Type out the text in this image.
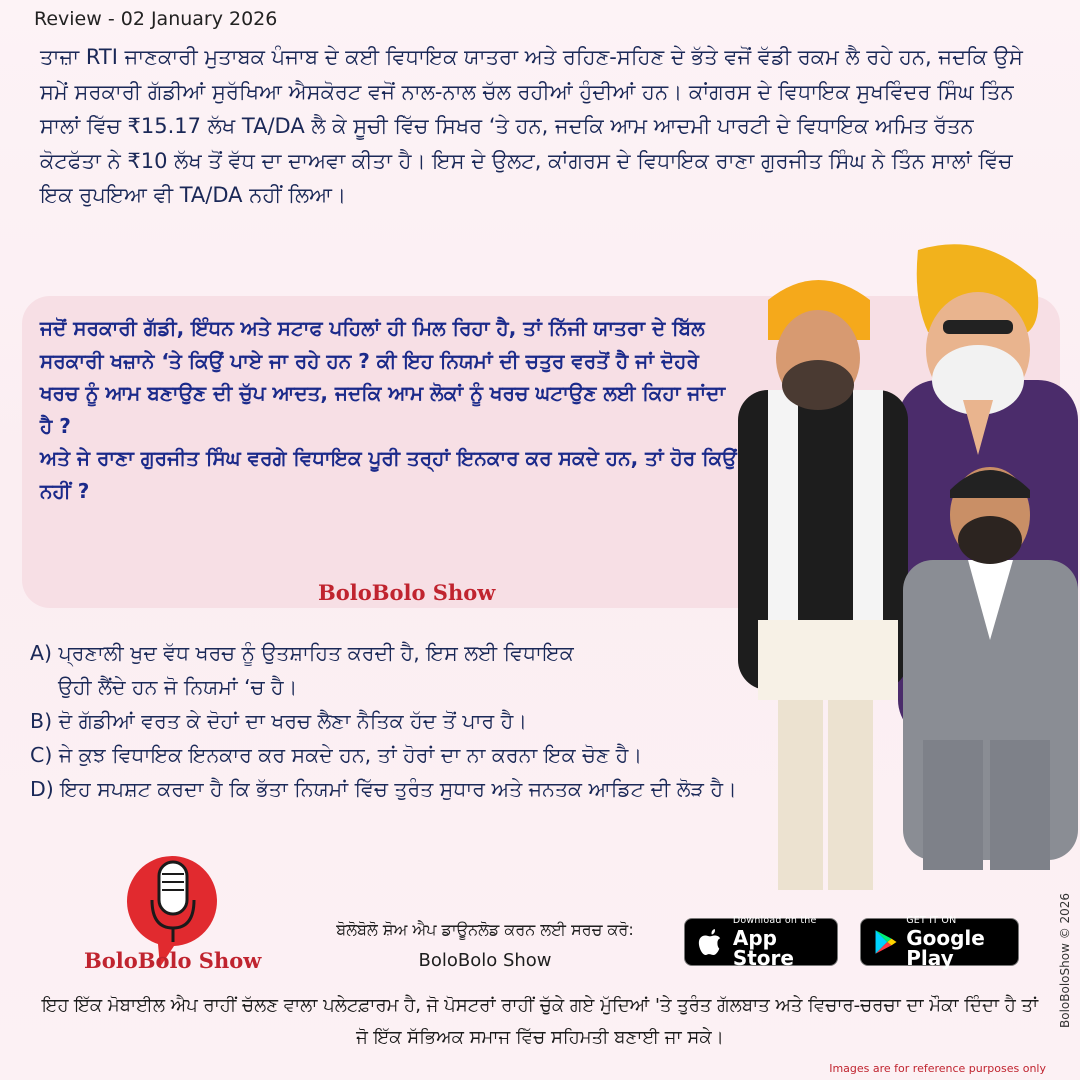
Review - 02 January 2026

ਤਾਜ਼ਾ RTI ਜਾਣਕਾਰੀ ਮੁਤਾਬਕ ਪੰਜਾਬ ਦੇ ਕਈ ਵਿਧਾਇਕ ਯਾਤਰਾ ਅਤੇ ਰਹਿਣ-ਸਹਿਣ ਦੇ ਭੱਤੇ ਵਜੋਂ ਵੱਡੀ ਰਕਮ ਲੈ ਰਹੇ ਹਨ, ਜਦਕਿ ਉਸੇ ਸਮੇਂ ਸਰਕਾਰੀ ਗੱਡੀਆਂ ਸੁਰੱਖਿਆ ਐਸਕੋਰਟ ਵਜੋਂ ਨਾਲ-ਨਾਲ ਚੱਲ ਰਹੀਆਂ ਹੁੰਦੀਆਂ ਹਨ। ਕਾਂਗਰਸ ਦੇ ਵਿਧਾਇਕ ਸੁਖਵਿੰਦਰ ਸਿੰਘ ਤਿੰਨ ਸਾਲਾਂ ਵਿੱਚ ₹15.17 ਲੱਖ TA/DA ਲੈ ਕੇ ਸੂਚੀ ਵਿੱਚ ਸਿਖਰ ‘ਤੇ ਹਨ, ਜਦਕਿ ਆਮ ਆਦਮੀ ਪਾਰਟੀ ਦੇ ਵਿਧਾਇਕ ਅਮਿਤ ਰੱਤਨ ਕੋਟਫੱਤਾ ਨੇ ₹10 ਲੱਖ ਤੋਂ ਵੱਧ ਦਾ ਦਾਅਵਾ ਕੀਤਾ ਹੈ। ਇਸ ਦੇ ਉਲਟ, ਕਾਂਗਰਸ ਦੇ ਵਿਧਾਇਕ ਰਾਣਾ ਗੁਰਜੀਤ ਸਿੰਘ ਨੇ ਤਿੰਨ ਸਾਲਾਂ ਵਿੱਚ ਇਕ ਰੁਪਇਆ ਵੀ TA/DA ਨਹੀਂ ਲਿਆ।

ਜਦੋਂ ਸਰਕਾਰੀ ਗੱਡੀ, ਇੰਧਨ ਅਤੇ ਸਟਾਫ ਪਹਿਲਾਂ ਹੀ ਮਿਲ ਰਿਹਾ ਹੈ, ਤਾਂ ਨਿੱਜੀ ਯਾਤਰਾ ਦੇ ਬਿੱਲ ਸਰਕਾਰੀ ਖਜ਼ਾਨੇ ‘ਤੇ ਕਿਉਂ ਪਾਏ ਜਾ ਰਹੇ ਹਨ ? ਕੀ ਇਹ ਨਿਯਮਾਂ ਦੀ ਚਤੁਰ ਵਰਤੋਂ ਹੈ ਜਾਂ ਦੋਹਰੇ ਖਰਚ ਨੂੰ ਆਮ ਬਣਾਉਣ ਦੀ ਚੁੱਪ ਆਦਤ, ਜਦਕਿ ਆਮ ਲੋਕਾਂ ਨੂੰ ਖਰਚ ਘਟਾਉਣ ਲਈ ਕਿਹਾ ਜਾਂਦਾ ਹੈ ?
ਅਤੇ ਜੇ ਰਾਣਾ ਗੁਰਜੀਤ ਸਿੰਘ ਵਰਗੇ ਵਿਧਾਇਕ ਪੂਰੀ ਤਰ੍ਹਾਂ ਇਨਕਾਰ ਕਰ ਸਕਦੇ ਹਨ, ਤਾਂ ਹੋਰ ਕਿਉਂ ਨਹੀਂ ?

BoloBolo Show
A) ਪ੍ਰਣਾਲੀ ਖੁਦ ਵੱਧ ਖਰਚ ਨੂੰ ਉਤਸ਼ਾਹਿਤ ਕਰਦੀ ਹੈ, ਇਸ ਲਈ ਵਿਧਾਇਕ
ਉਹੀ ਲੈਂਦੇ ਹਨ ਜੋ ਨਿਯਮਾਂ ‘ਚ ਹੈ।
B) ਦੋ ਗੱਡੀਆਂ ਵਰਤ ਕੇ ਦੋਹਾਂ ਦਾ ਖਰਚ ਲੈਣਾ ਨੈਤਿਕ ਹੱਦ ਤੋਂ ਪਾਰ ਹੈ।
C) ਜੇ ਕੁਝ ਵਿਧਾਇਕ ਇਨਕਾਰ ਕਰ ਸਕਦੇ ਹਨ, ਤਾਂ ਹੋਰਾਂ ਦਾ ਨਾ ਕਰਨਾ ਇਕ ਚੋਣ ਹੈ।
D) ਇਹ ਸਪਸ਼ਟ ਕਰਦਾ ਹੈ ਕਿ ਭੱਤਾ ਨਿਯਮਾਂ ਵਿੱਚ ਤੁਰੰਤ ਸੁਧਾਰ ਅਤੇ ਜਨਤਕ ਆਡਿਟ ਦੀ ਲੋੜ ਹੈ।
BoloBolo Show
ਬੋਲੋਬੋਲੋ ਸ਼ੋਅ ਐਪ ਡਾਊਨਲੋਡ ਕਰਨ ਲਈ ਸਰਚ ਕਰੋ:
BoloBolo Show
Download on the
App Store
GET IT ON
Google Play

ਇਹ ਇੱਕ ਮੋਬਾਈਲ ਐਪ ਰਾਹੀਂ ਚੱਲਣ ਵਾਲਾ ਪਲੇਟਫ਼ਾਰਮ ਹੈ, ਜੋ ਪੋਸਟਰਾਂ ਰਾਹੀਂ ਚੁੱਕੇ ਗਏ ਮੁੱਦਿਆਂ 'ਤੇ ਤੁਰੰਤ ਗੱਲਬਾਤ ਅਤੇ ਵਿਚਾਰ-ਚਰਚਾ ਦਾ ਮੌਕਾ ਦਿੰਦਾ ਹੈ ਤਾਂ ਜੋ ਇੱਕ ਸੱਭਿਅਕ ਸਮਾਜ ਵਿੱਚ ਸਹਿਮਤੀ ਬਣਾਈ ਜਾ ਸਕੇ।

BoloBoloShow © 2026
Images are for reference purposes only
